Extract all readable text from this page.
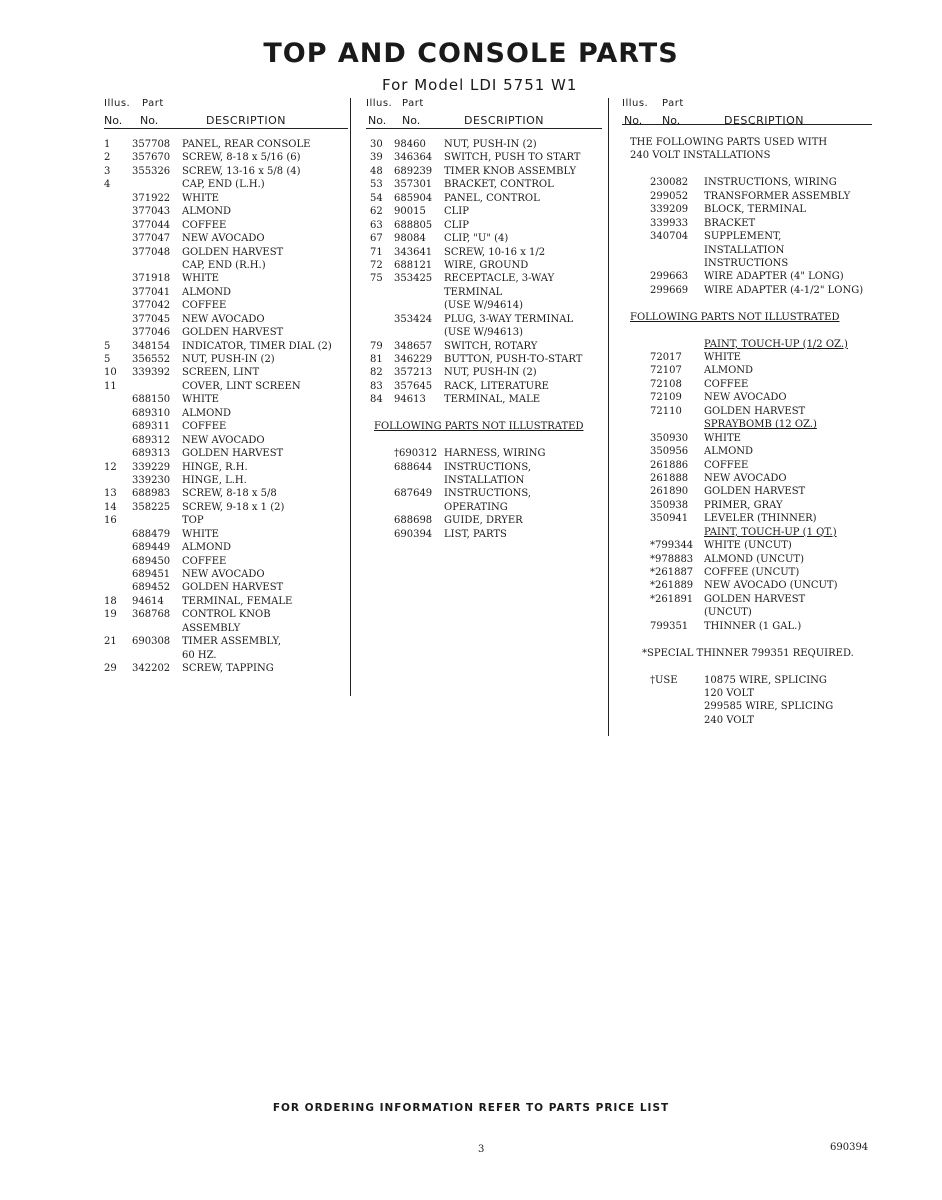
TOP AND CONSOLE PARTS
For Model LDI 5751 W1
Illus. Part
No. No.	DESCRIPTION
1 357708 PANEL, REAR CONSOLE
2 357670 SCREW, 8-18 x 5/16 (6)
3 355326 SCREW, 13-16 x 5/8 (4)
4	CAP, END (L.H.)
371922 WHITE
377043 ALMOND
377044 COFFEE
377047 NEW AVOCADO
377048 GOLDEN HARVEST
CAP, END (R.H.)
371918 WHITE
377041 ALMOND
377042 COFFEE
377045 NEW AVOCADO
377046 GOLDEN HARVEST
5 348154 INDICATOR, TIMER DIAL (2)
5 356552 NUT, PUSH-IN (2)
10 339392 SCREEN, LINT
11	COVER, LINT SCREEN
688150 WHITE
689310 ALMOND
689311 COFFEE
689312 NEW AVOCADO
689313 GOLDEN HARVEST
12 339229 HINGE, R.H.
339230 HINGE, L.H.
13 688983 SCREW, 8-18 x 5/8
14 358225 SCREW, 9-18 x 1 (2)
16	TOP
688479 WHITE
689449 ALMOND
689450 COFFEE
689451 NEW AVOCADO
689452 GOLDEN HARVEST
18 94614 TERMINAL, FEMALE
19 368768 CONTROL KNOB
ASSEMBLY
21 690308 TIMER ASSEMBLY,
60 HZ.
29 342202 SCREW, TAPPING
Illus. Part
No. No.	DESCRIPTION
30 98460 NUT, PUSH-IN (2)
39 346364 SWITCH, PUSH TO START
48 689239 TIMER KNOB ASSEMBLY
53 357301 BRACKET, CONTROL
54 685904 PANEL, CONTROL
62 90015 CLIP
63 688805 CLIP
67 98084 CLIP, "U" (4)
71 343641 SCREW, 10-16 x 1/2
72 688121 WIRE, GROUND
75 353425 RECEPTACLE, 3-WAY
TERMINAL
(USE W/94614)
353424 PLUG, 3-WAY TERMINAL
(USE W/94613)
79 348657 SWITCH, ROTARY
81 346229 BUTTON, PUSH-TO-START
82 357213 NUT, PUSH-IN (2)
83 357645 RACK, LITERATURE
84 94613 TERMINAL, MALE
FOLLOWING PARTS NOT ILLUSTRATED
†690312 HARNESS, WIRING
688644 INSTRUCTIONS,
INSTALLATION
687649 INSTRUCTIONS,
OPERATING
688698 GUIDE, DRYER
690394 LIST, PARTS
Illus. Part
No. No.	DESCRIPTION
THE FOLLOWING PARTS USED WITH
240 VOLT INSTALLATIONS
230082 INSTRUCTIONS, WIRING
299052 TRANSFORMER ASSEMBLY
339209 BLOCK, TERMINAL
339933 BRACKET
340704 SUPPLEMENT,
INSTALLATION
INSTRUCTIONS
299663 WIRE ADAPTER (4" LONG)
299669 WIRE ADAPTER (4-1/2" LONG)
FOLLOWING PARTS NOT ILLUSTRATED
PAINT, TOUCH-UP (1/2 OZ.)
72017 WHITE
72107 ALMOND
72108 COFFEE
72109 NEW AVOCADO
72110 GOLDEN HARVEST
SPRAYBOMB (12 OZ.)
350930 WHITE
350956 ALMOND
261886 COFFEE
261888 NEW AVOCADO
261890 GOLDEN HARVEST
350938 PRIMER, GRAY
350941 LEVELER (THINNER)
PAINT, TOUCH-UP (1 QT.)
*799344 WHITE (UNCUT)
*978883 ALMOND (UNCUT)
*261887 COFFEE (UNCUT)
*261889 NEW AVOCADO (UNCUT)
*261891 GOLDEN HARVEST
(UNCUT)
799351 THINNER (1 GAL.)
*SPECIAL THINNER 799351 REQUIRED.
†USE	10875 WIRE, SPLICING
120 VOLT
299585 WIRE, SPLICING
240 VOLT
FOR ORDERING INFORMATION REFER TO PARTS PRICE LIST
3	690394
